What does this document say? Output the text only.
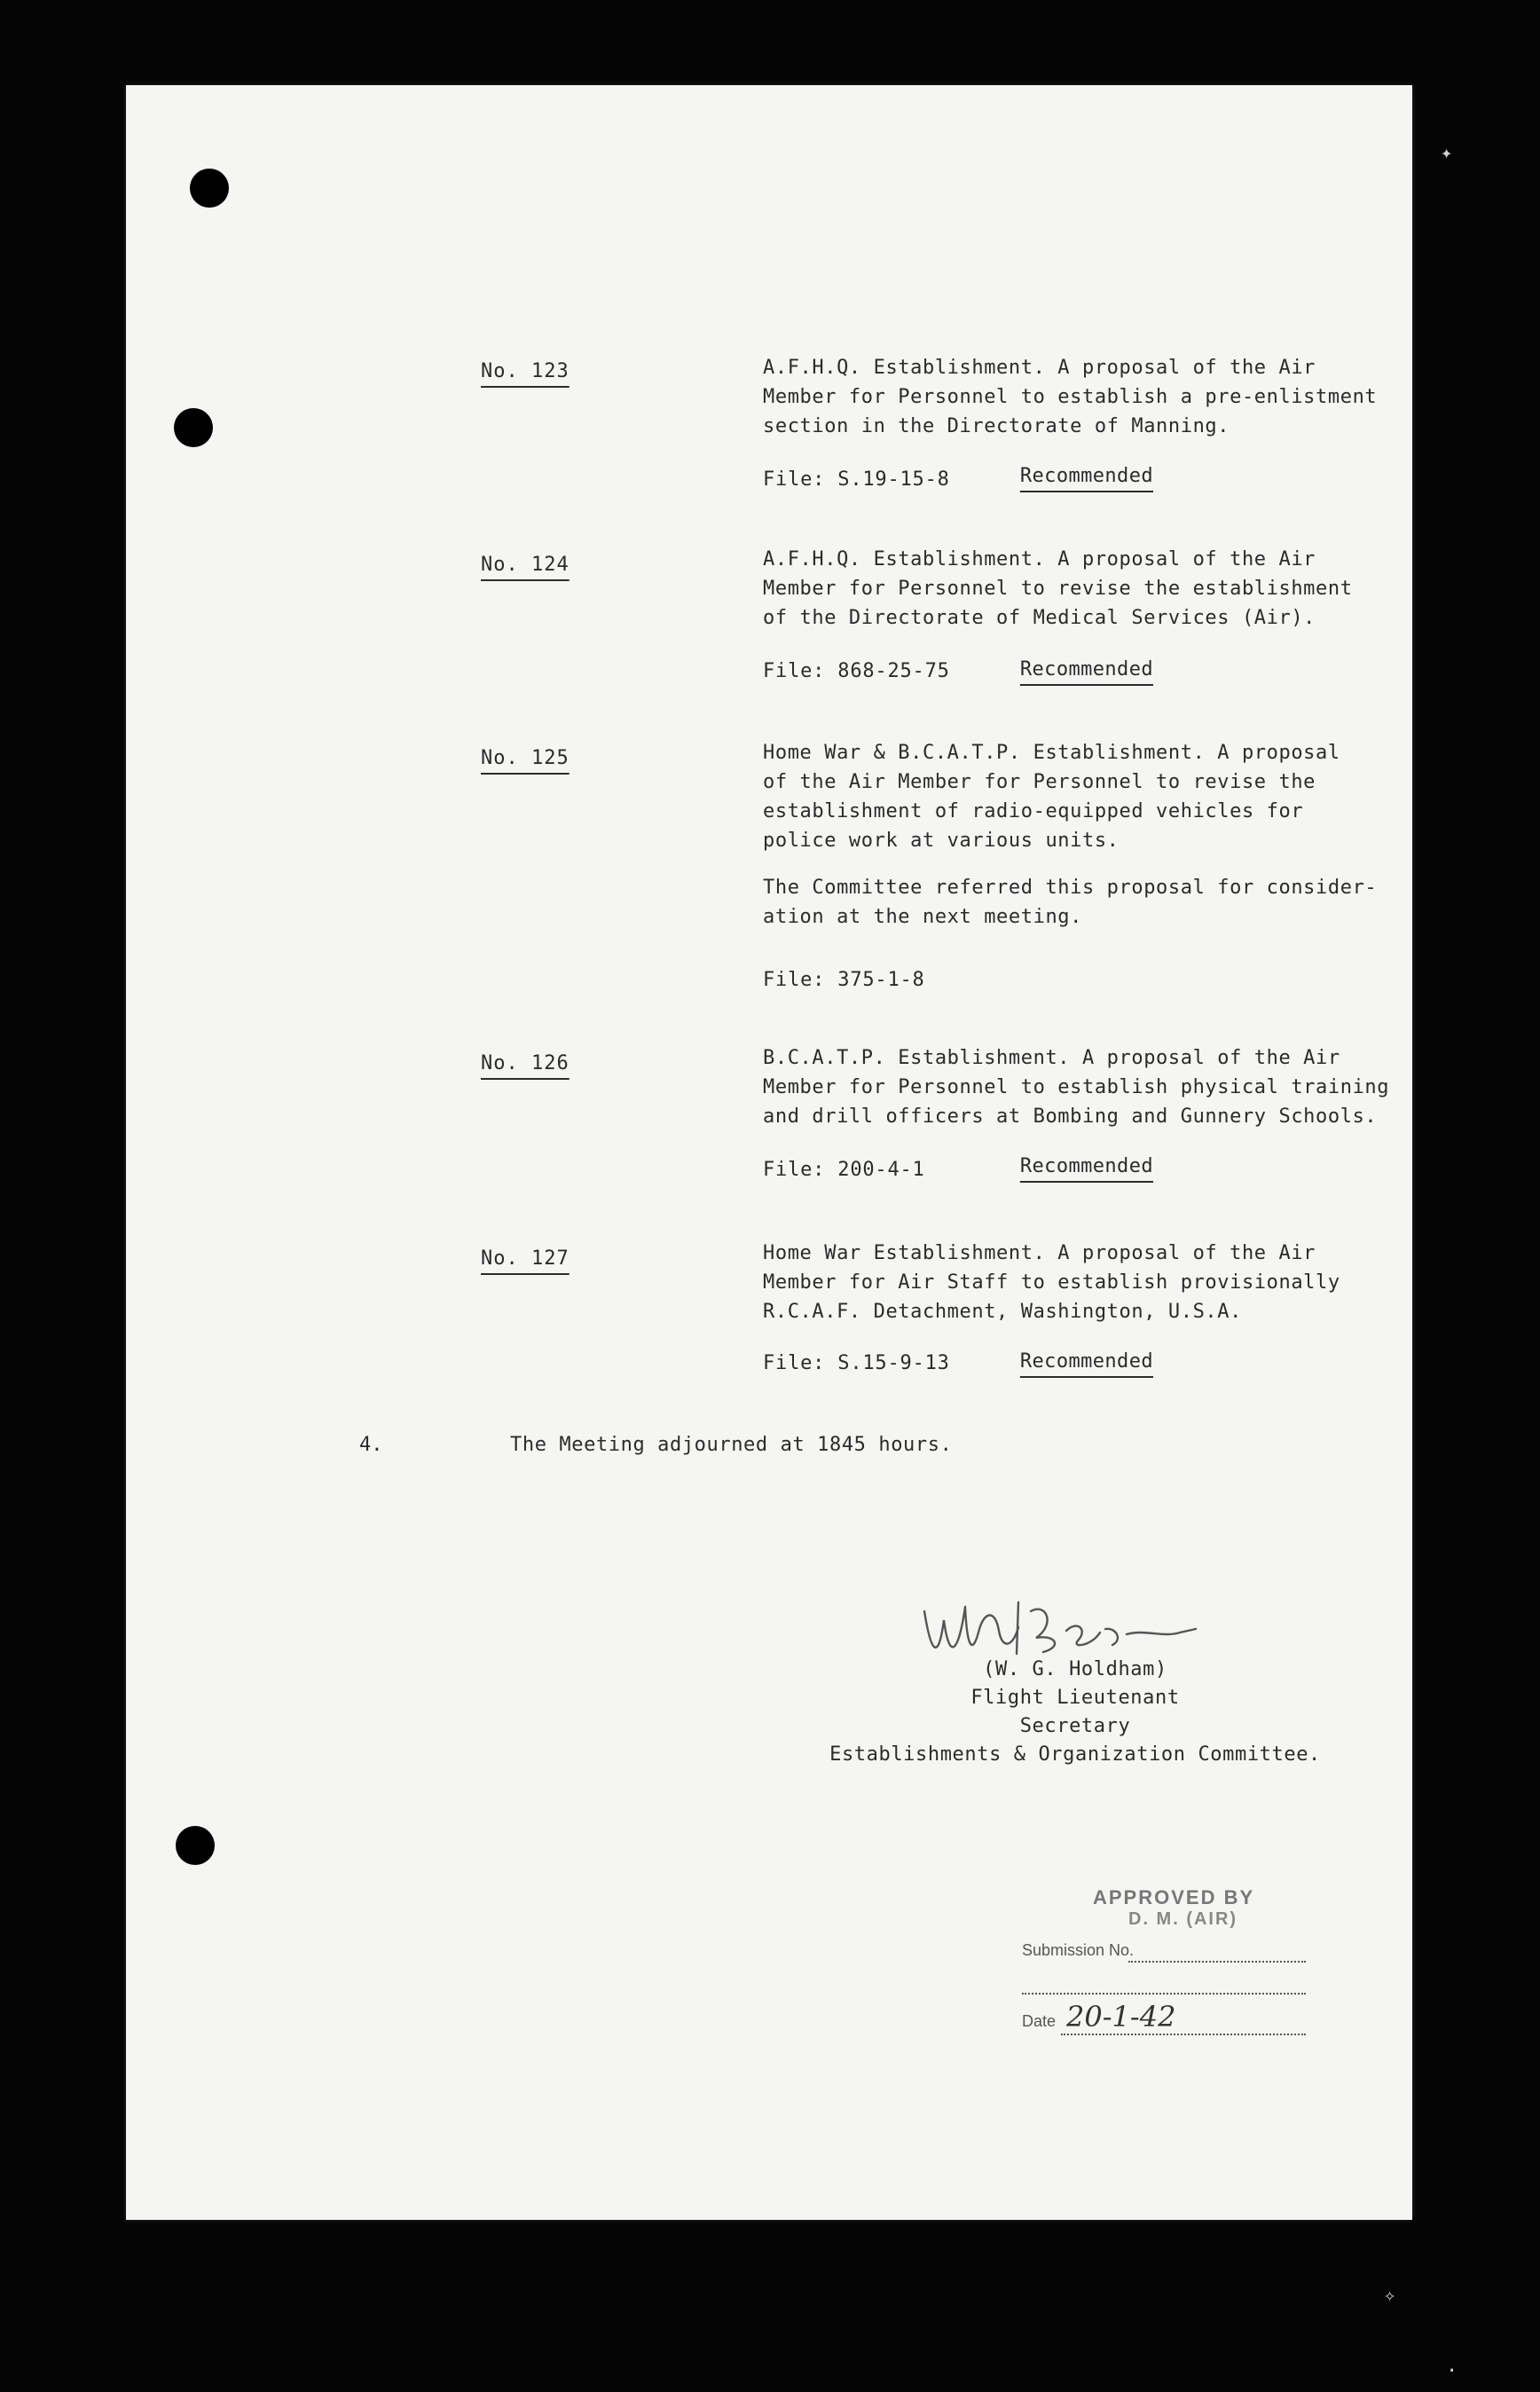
No. 123	A.F.H.Q. Establishment. A proposal of the Air
Member for Personnel to establish a pre-enlistment
section in the Directorate of Manning.
File: S.19-15-8	Recommended
No. 124	A.F.H.Q. Establishment. A proposal of the Air
Member for Personnel to revise the establishment
of the Directorate of Medical Services (Air).
File: 868-25-75	Recommended
No. 125	Home War & B.C.A.T.P. Establishment. A proposal
of the Air Member for Personnel to revise the
establishment of radio-equipped vehicles for
police work at various units.
The Committee referred this proposal for consider-
ation at the next meeting.
File: 375-1-8
No. 126	B.C.A.T.P. Establishment. A proposal of the Air
Member for Personnel to establish physical training
and drill officers at Bombing and Gunnery Schools.
File: 200-4-1	Recommended
No. 127	Home War Establishment. A proposal of the Air
Member for Air Staff to establish provisionally
R.C.A.F. Detachment, Washington, U.S.A.
File: S.15-9-13	Recommended
4.	The Meeting adjourned at 1845 hours.
(W. G. Holdham)
Flight Lieutenant
Secretary
Establishments & Organization Committee.
APPROVED BY
D. M. (AIR)
Submission No.
Date 20-1-42
✦
✧
·
